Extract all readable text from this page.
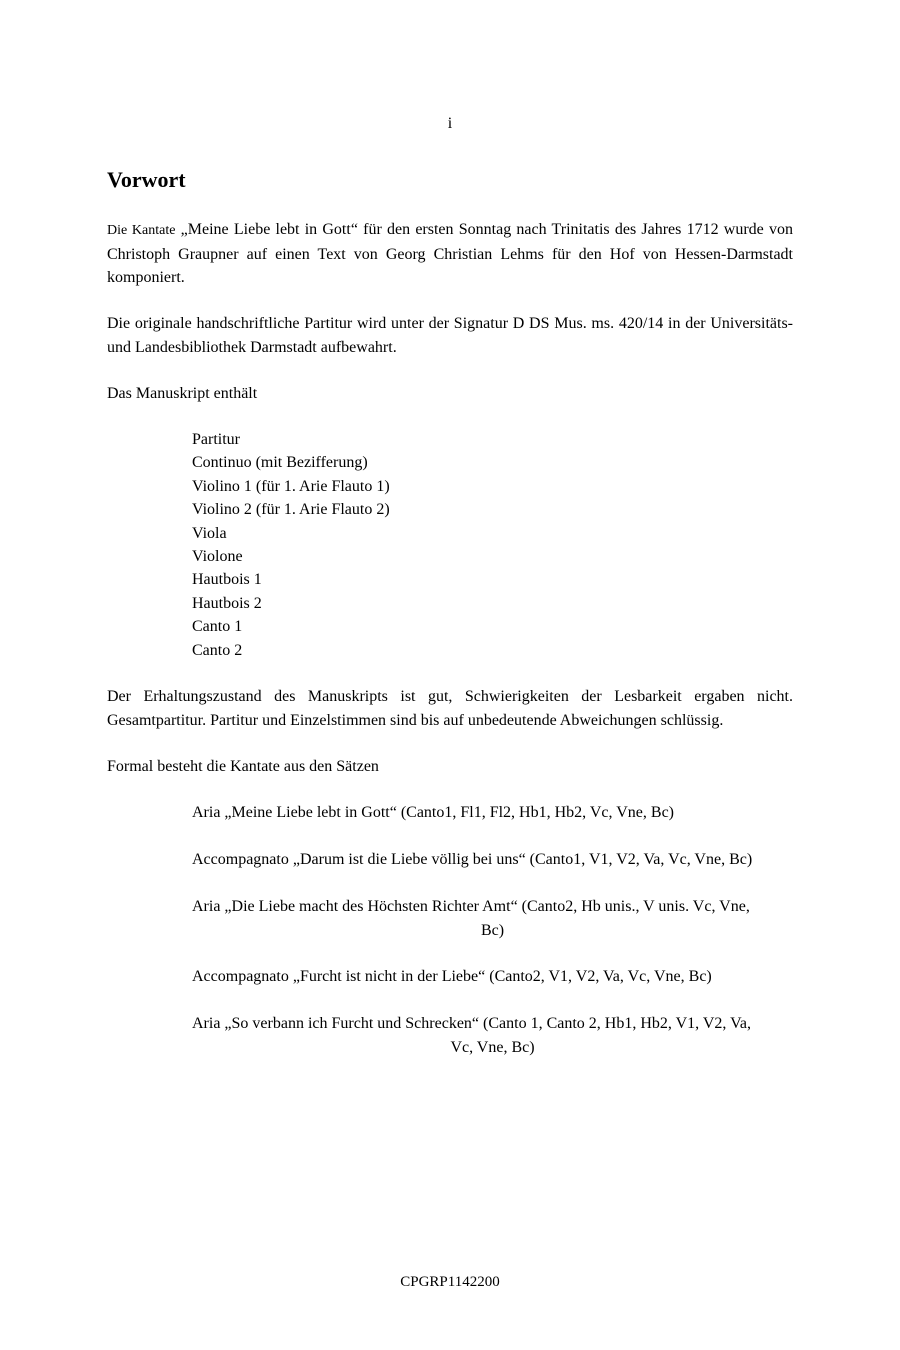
i
Vorwort

Die Kantate „Meine Liebe lebt in Gott“ für den ersten Sonntag nach Trinitatis des Jahres 1712 wurde von Christoph Graupner auf einen Text von Georg Christian Lehms für den Hof von Hessen-Darmstadt komponiert.

Die originale handschriftliche Partitur wird unter der Signatur D DS Mus. ms. 420/14 in der Universitäts- und Landesbibliothek Darmstadt aufbewahrt.

Das Manuskript enthält

Partitur
Continuo (mit Bezifferung)
Violino 1 (für 1. Arie Flauto 1)
Violino 2 (für 1. Arie Flauto 2)
Viola
Violone
Hautbois 1
Hautbois 2
Canto 1
Canto 2

Der Erhaltungszustand des Manuskripts ist gut, Schwierigkeiten der Lesbarkeit ergaben nicht. Gesamtpartitur. Partitur und Einzelstimmen sind bis auf unbedeutende Abweichungen schlüssig.

Formal besteht die Kantate aus den Sätzen

Aria „Meine Liebe lebt in Gott“ (Canto1, Fl1, Fl2, Hb1, Hb2, Vc, Vne, Bc)
Accompagnato „Darum ist die Liebe völlig bei uns“ (Canto1, V1, V2, Va, Vc, Vne, Bc)
Aria „Die Liebe macht des Höchsten Richter Amt“ (Canto2, Hb unis., V unis. Vc, Vne,
Bc)
Accompagnato „Furcht ist nicht in der Liebe“ (Canto2, V1, V2, Va, Vc, Vne, Bc)
Aria „So verbann ich Furcht und Schrecken“ (Canto 1, Canto 2, Hb1, Hb2, V1, V2, Va,
Vc, Vne, Bc)
CPGRP1142200
